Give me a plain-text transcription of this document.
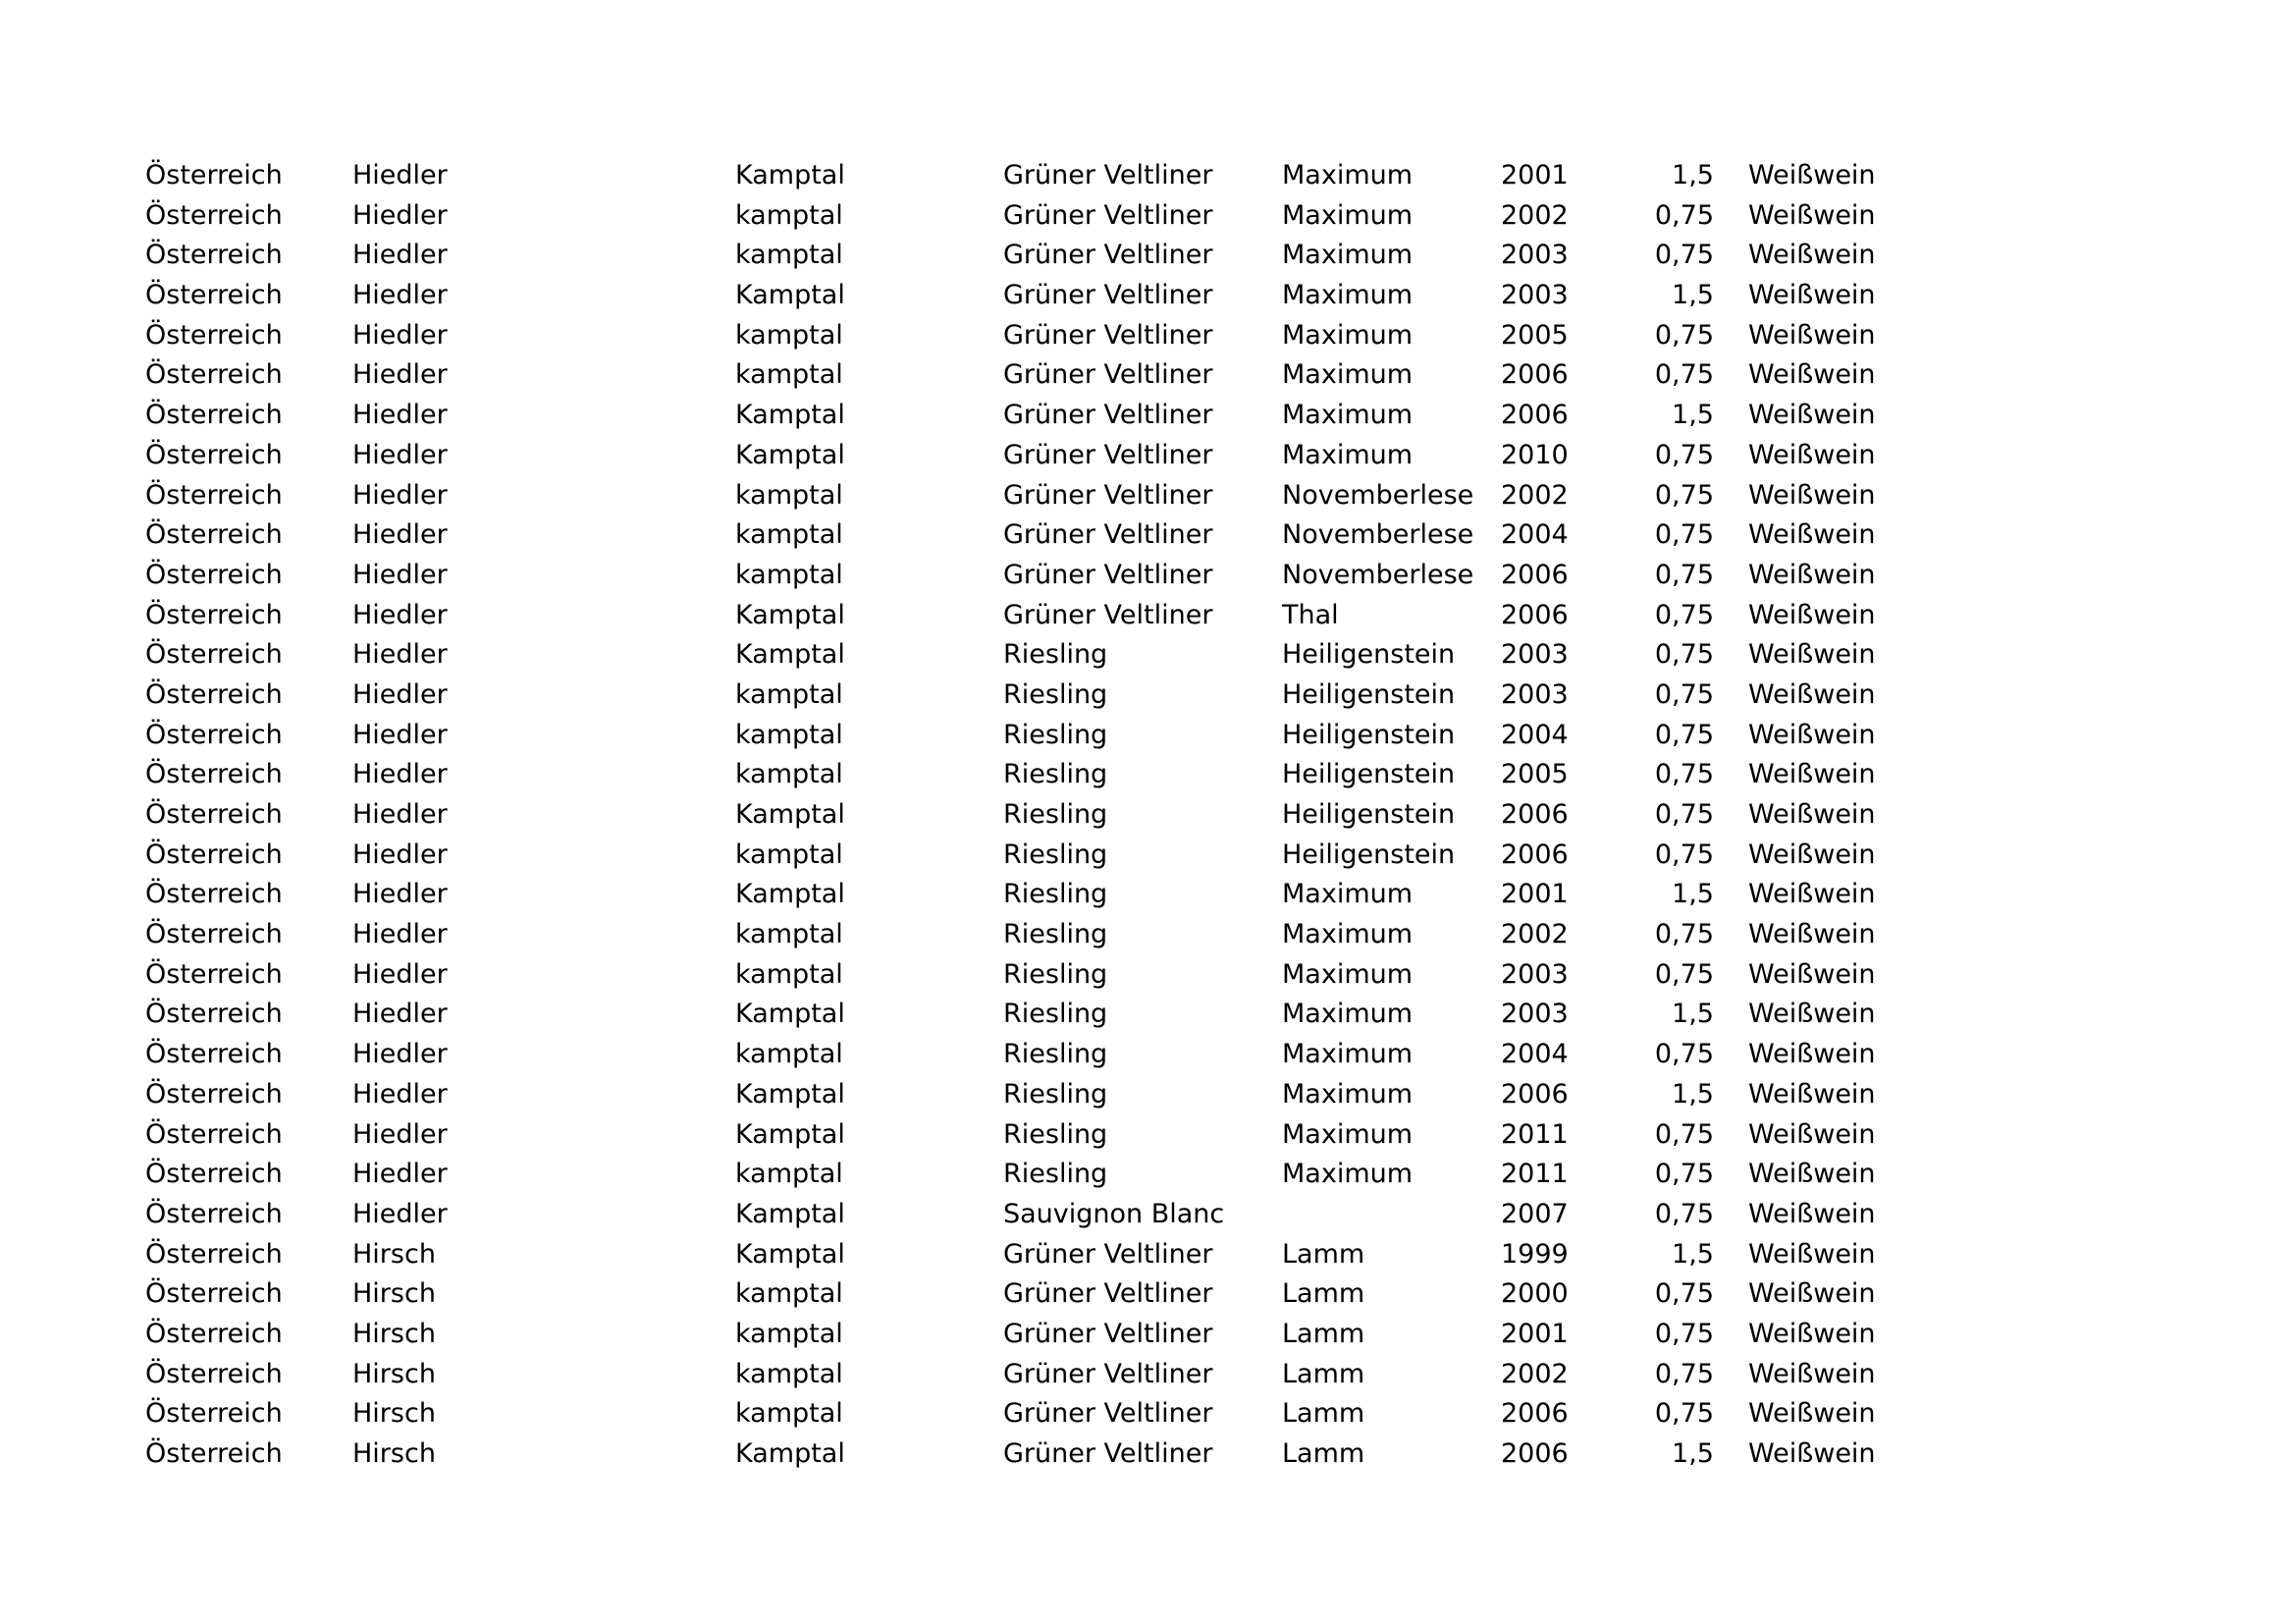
Österreich	Hiedler	Kamptal	Grüner Veltliner	Maximum	2001	1,5 Weißwein
Österreich	Hiedler	kamptal	Grüner Veltliner	Maximum	2002	0,75 Weißwein
Österreich	Hiedler	kamptal	Grüner Veltliner	Maximum	2003	0,75 Weißwein
Österreich	Hiedler	Kamptal	Grüner Veltliner	Maximum	2003	1,5 Weißwein
Österreich	Hiedler	kamptal	Grüner Veltliner	Maximum	2005	0,75 Weißwein
Österreich	Hiedler	kamptal	Grüner Veltliner	Maximum	2006	0,75 Weißwein
Österreich	Hiedler	Kamptal	Grüner Veltliner	Maximum	2006	1,5 Weißwein
Österreich	Hiedler	Kamptal	Grüner Veltliner	Maximum	2010	0,75 Weißwein
Österreich	Hiedler	kamptal	Grüner Veltliner	Novemberlese 2002	0,75 Weißwein
Österreich	Hiedler	kamptal	Grüner Veltliner	Novemberlese 2004	0,75 Weißwein
Österreich	Hiedler	kamptal	Grüner Veltliner	Novemberlese 2006	0,75 Weißwein
Österreich	Hiedler	Kamptal	Grüner Veltliner	Thal	2006	0,75 Weißwein
Österreich	Hiedler	Kamptal	Riesling	Heiligenstein 2003	0,75 Weißwein
Österreich	Hiedler	kamptal	Riesling	Heiligenstein 2003	0,75 Weißwein
Österreich	Hiedler	kamptal	Riesling	Heiligenstein 2004	0,75 Weißwein
Österreich	Hiedler	kamptal	Riesling	Heiligenstein 2005	0,75 Weißwein
Österreich	Hiedler	Kamptal	Riesling	Heiligenstein 2006	0,75 Weißwein
Österreich	Hiedler	kamptal	Riesling	Heiligenstein 2006	0,75 Weißwein
Österreich	Hiedler	Kamptal	Riesling	Maximum	2001	1,5 Weißwein
Österreich	Hiedler	kamptal	Riesling	Maximum	2002	0,75 Weißwein
Österreich	Hiedler	kamptal	Riesling	Maximum	2003	0,75 Weißwein
Österreich	Hiedler	Kamptal	Riesling	Maximum	2003	1,5 Weißwein
Österreich	Hiedler	kamptal	Riesling	Maximum	2004	0,75 Weißwein
Österreich	Hiedler	Kamptal	Riesling	Maximum	2006	1,5 Weißwein
Österreich	Hiedler	Kamptal	Riesling	Maximum	2011	0,75 Weißwein
Österreich	Hiedler	kamptal	Riesling	Maximum	2011	0,75 Weißwein
Österreich	Hiedler	Kamptal	Sauvignon Blanc	2007	0,75 Weißwein
Österreich	Hirsch	Kamptal	Grüner Veltliner	Lamm	1999	1,5 Weißwein
Österreich	Hirsch	kamptal	Grüner Veltliner	Lamm	2000	0,75 Weißwein
Österreich	Hirsch	kamptal	Grüner Veltliner	Lamm	2001	0,75 Weißwein
Österreich	Hirsch	kamptal	Grüner Veltliner	Lamm	2002	0,75 Weißwein
Österreich	Hirsch	kamptal	Grüner Veltliner	Lamm	2006	0,75 Weißwein
Österreich	Hirsch	Kamptal	Grüner Veltliner	Lamm	2006	1,5 Weißwein
